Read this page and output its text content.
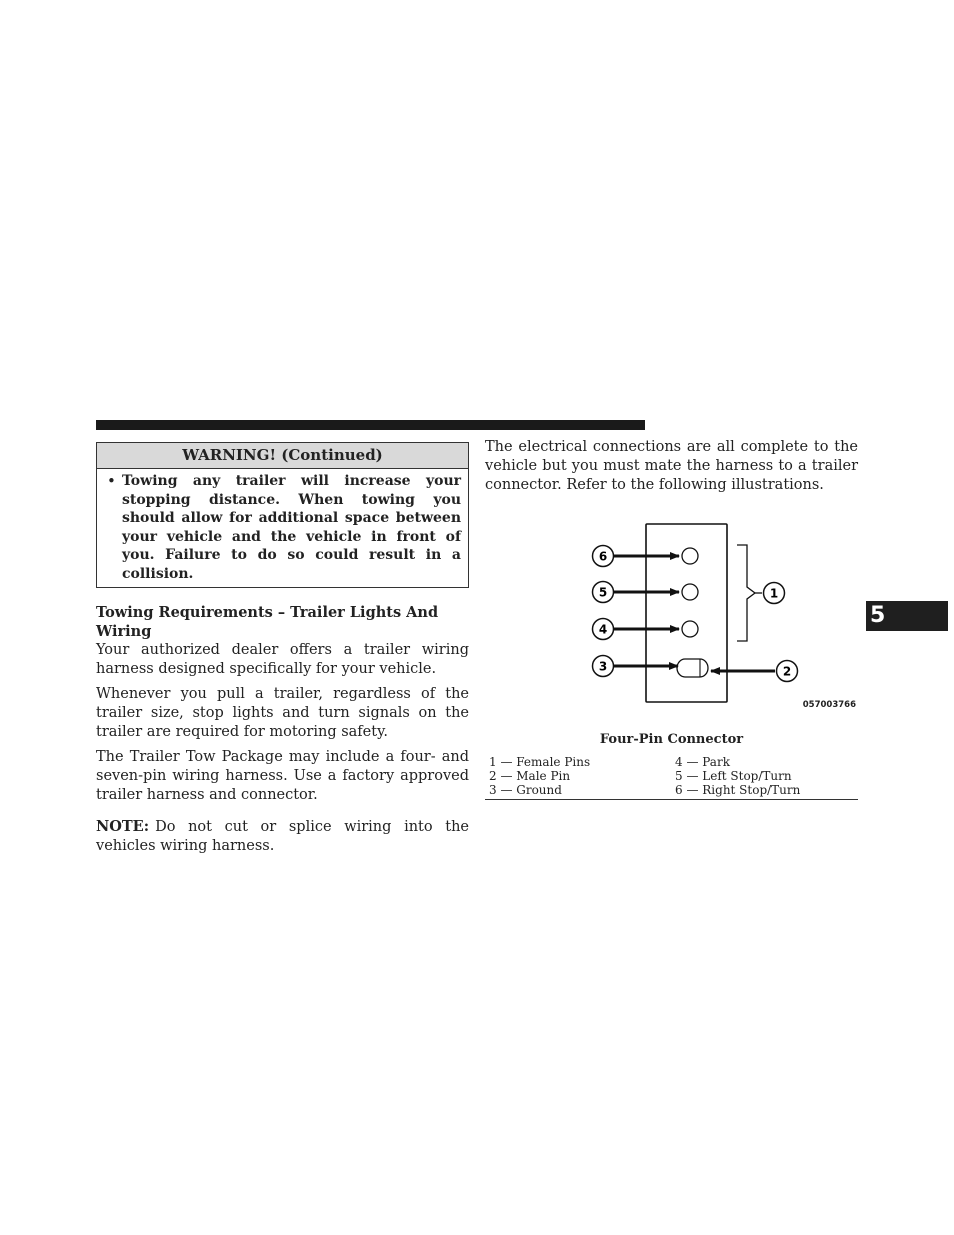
5
WARNING! (Continued)
• Towing any trailer will increase your stopping distance. When towing you should allow for additional space between your vehicle and the vehicle in front of you. Failure to do so could result in a collision.
Towing Requirements – Trailer Lights And Wiring

Your authorized dealer offers a trailer wiring harness designed specifically for your vehicle.

Whenever you pull a trailer, regardless of the trailer size, stop lights and turn signals on the trailer are required for motoring safety.

The Trailer Tow Package may include a four- and seven-pin wiring harness. Use a factory approved trailer harness and connector.

NOTE: Do not cut or splice wiring into the vehicles wiring harness.

The electrical connections are all complete to the vehicle but you must mate the harness to a trailer connector. Refer to the following illustrations.

6
5
4
3
1
2
057003766
Four-Pin Connector
1 — Female Pins	4 — Park
2 — Male Pin	5 — Left Stop/Turn
3 — Ground	6 — Right Stop/Turn
